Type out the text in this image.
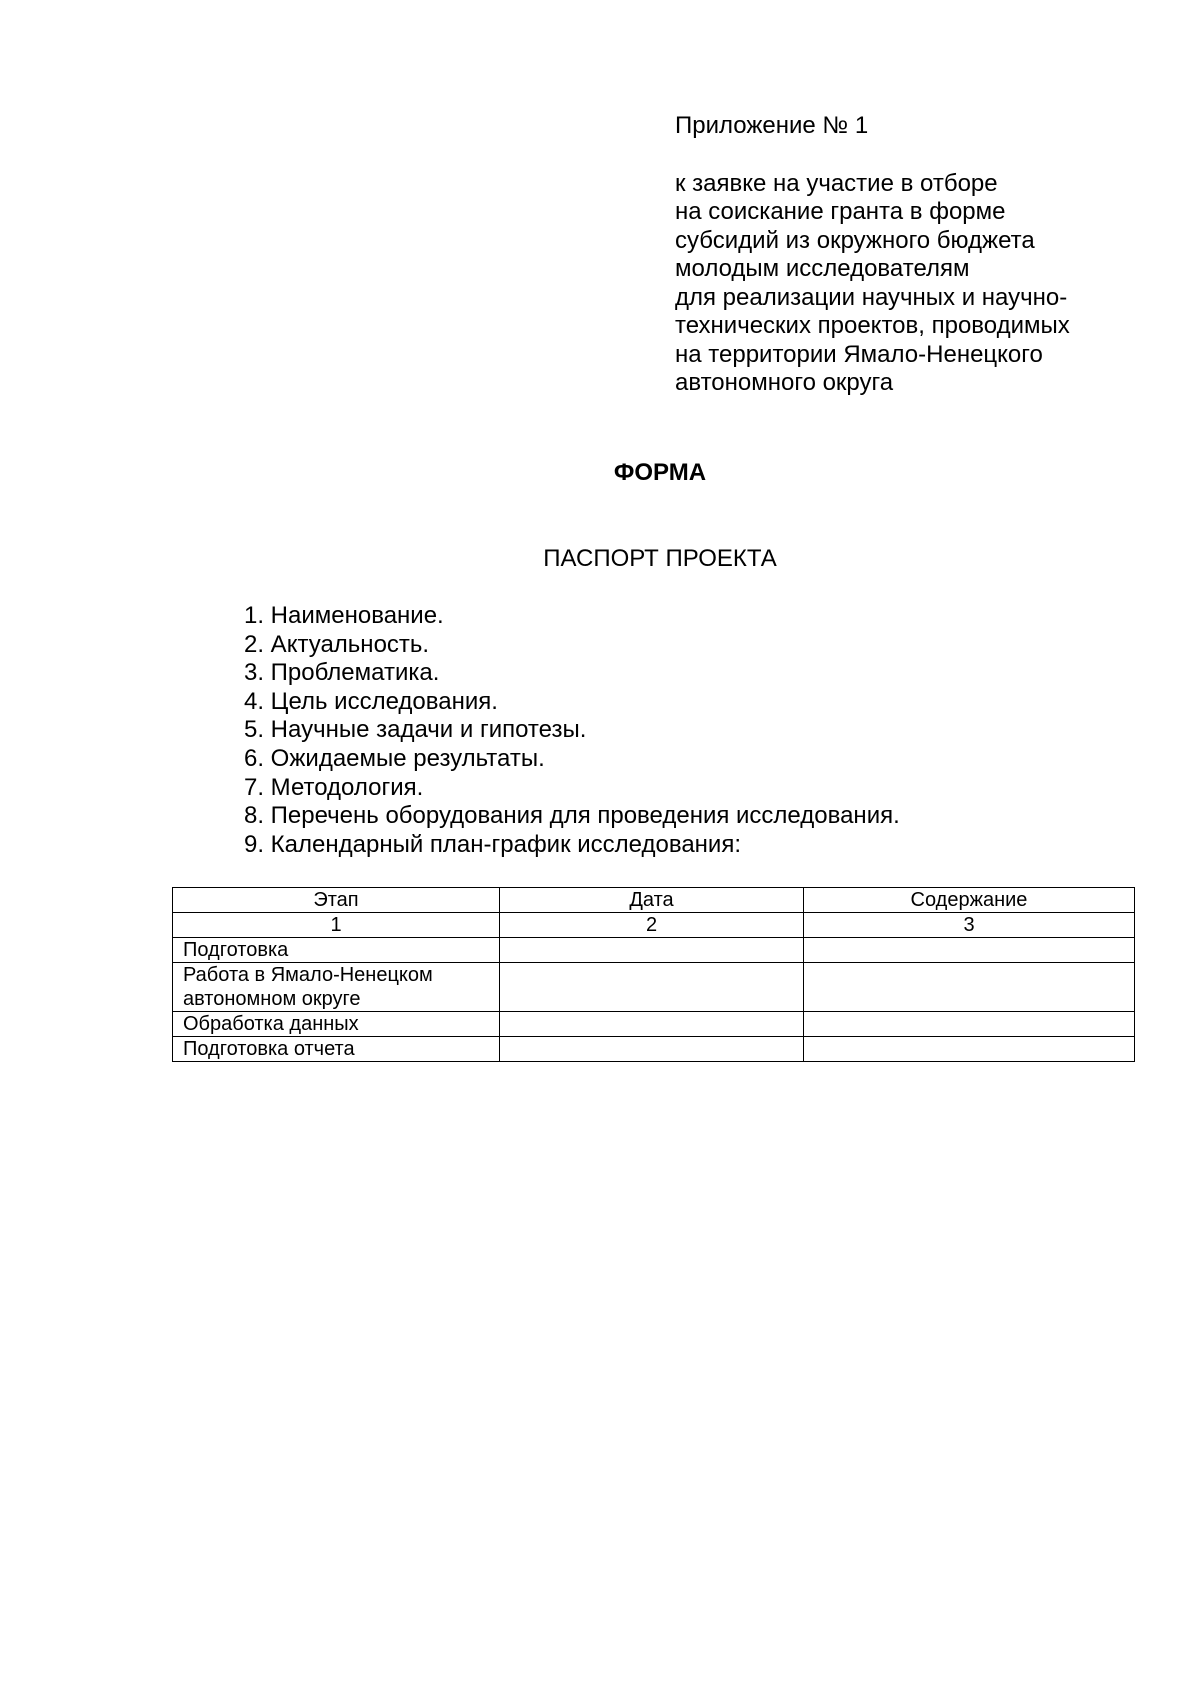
Приложение № 1

к заявке на участие в отборе
на соискание гранта в форме
субсидий из окружного бюджета
молодым исследователям
для реализации научных и научно-
технических проектов, проводимых
на территории Ямало-Ненецкого
автономного округа
ФОРМА
ПАСПОРТ ПРОЕКТА
1. Наименование.
2. Актуальность.
3. Проблематика.
4. Цель исследования.
5. Научные задачи и гипотезы.
6. Ожидаемые результаты.
7. Методология.
8. Перечень оборудования для проведения исследования.
9. Календарный план-график исследования:
Этап	Дата	Содержание
1	2	3
Подготовка		
Работа в Ямало-Ненецком автономном округе		
Обработка данных		
Подготовка отчета		
